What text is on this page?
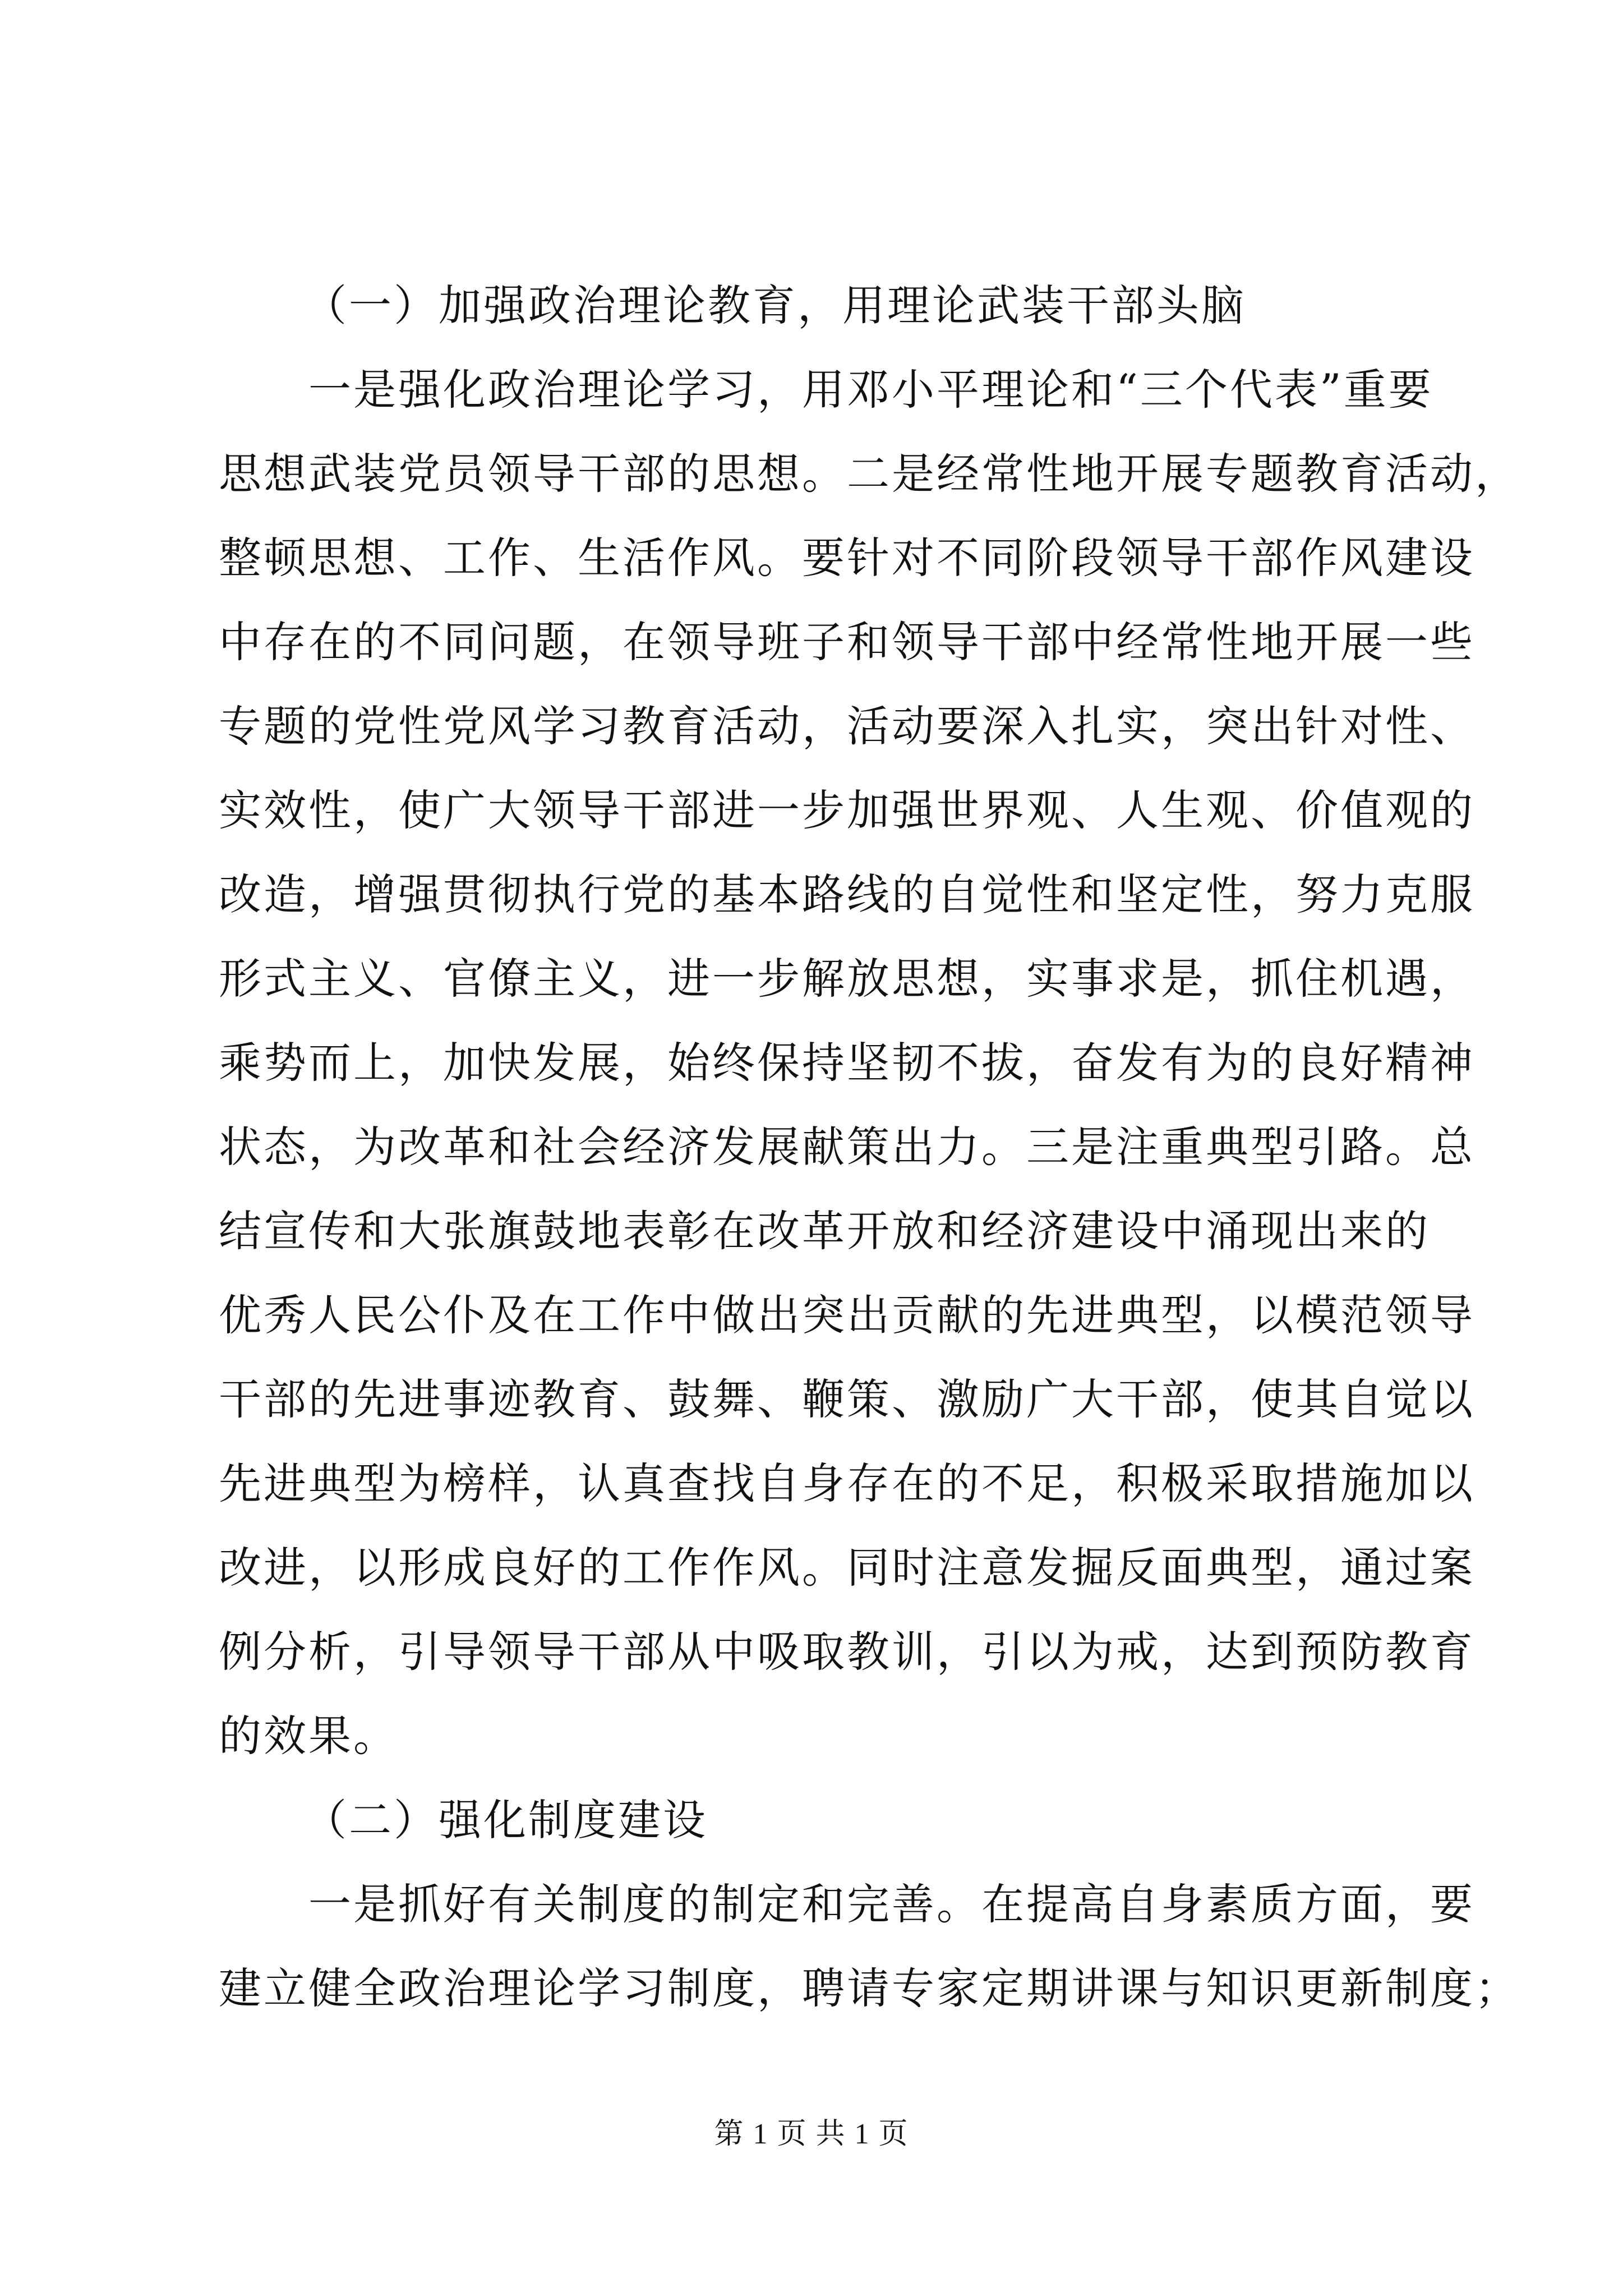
（一）加强政治理论教育，用理论武装干部头脑
一是强化政治理论学习，用邓小平理论和“三个代表”重要
思想武装党员领导干部的思想。二是经常性地开展专题教育活动，
整顿思想、工作、生活作风。要针对不同阶段领导干部作风建设
中存在的不同问题，在领导班子和领导干部中经常性地开展一些
专题的党性党风学习教育活动，活动要深入扎实，突出针对性、
实效性，使广大领导干部进一步加强世界观、人生观、价值观的
改造，增强贯彻执行党的基本路线的自觉性和坚定性，努力克服
形式主义、官僚主义，进一步解放思想，实事求是，抓住机遇，
乘势而上，加快发展，始终保持坚韧不拔，奋发有为的良好精神
状态，为改革和社会经济发展献策出力。三是注重典型引路。总
结宣传和大张旗鼓地表彰在改革开放和经济建设中涌现出来的
优秀人民公仆及在工作中做出突出贡献的先进典型，以模范领导
干部的先进事迹教育、鼓舞、鞭策、激励广大干部，使其自觉以
先进典型为榜样，认真查找自身存在的不足，积极采取措施加以
改进，以形成良好的工作作风。同时注意发掘反面典型，通过案
例分析，引导领导干部从中吸取教训，引以为戒，达到预防教育
的效果。
（二）强化制度建设
一是抓好有关制度的制定和完善。在提高自身素质方面，要
建立健全政治理论学习制度，聘请专家定期讲课与知识更新制度；
第 1 页 共 1 页
